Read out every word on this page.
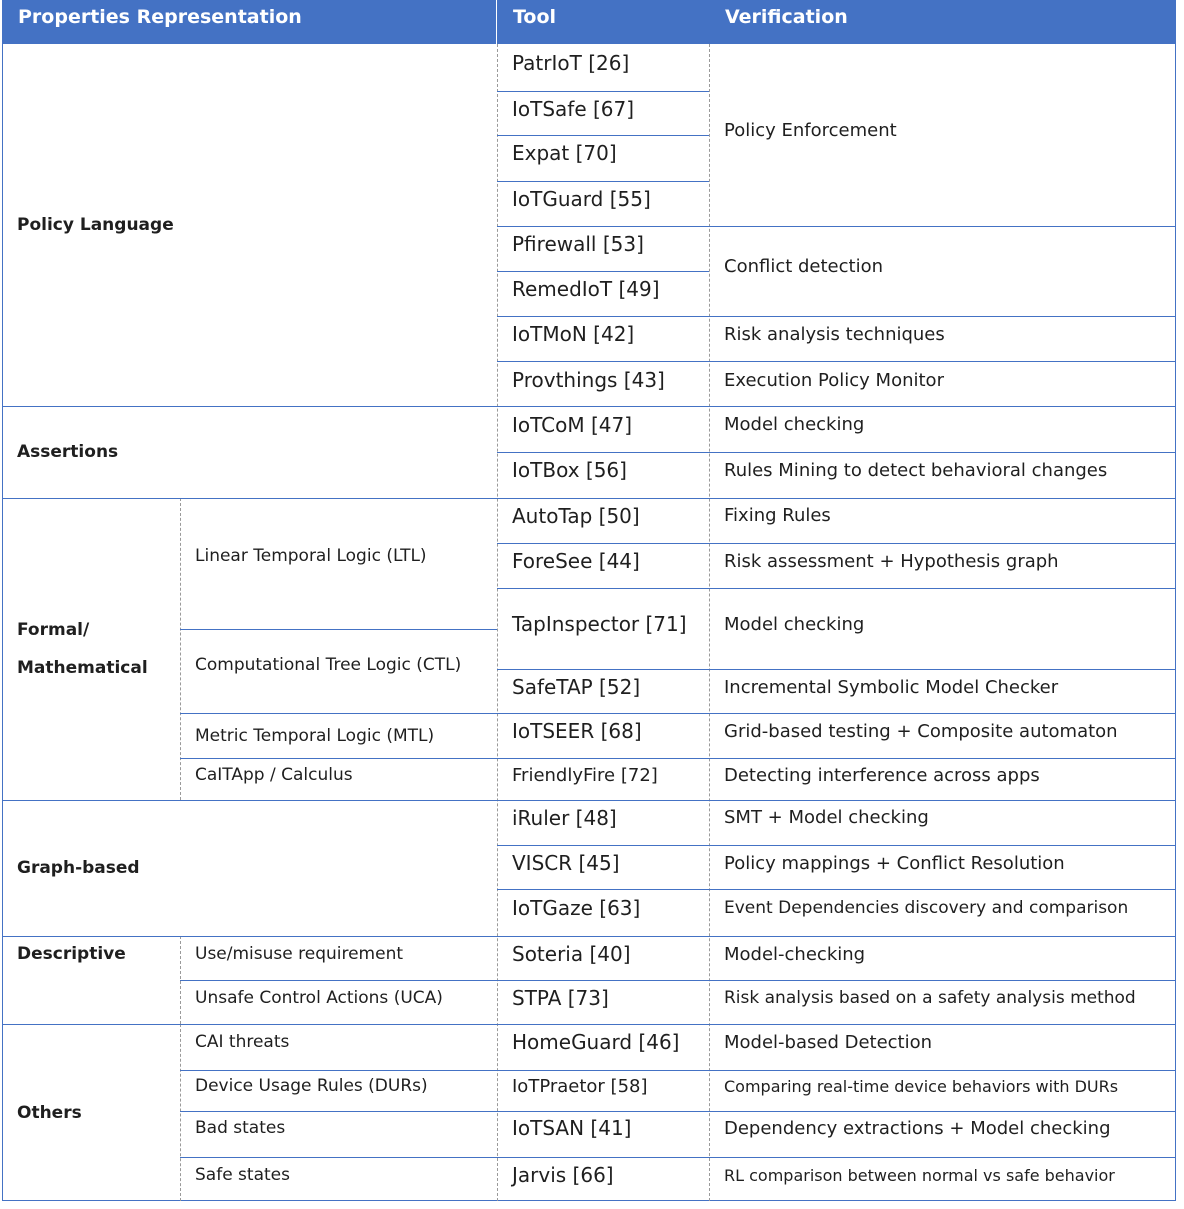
Properties Representation	Tool	Verification
Policy Language
Assertions
Formal/
Mathematical
Graph-based
Descriptive
Others
Linear Temporal Logic (LTL)
Computational Tree Logic (CTL)
Metric Temporal Logic (MTL)
CaITApp / Calculus
Use/misuse requirement
Unsafe Control Actions (UCA)
CAI threats
Device Usage Rules (DURs)
Bad states
Safe states
PatrIoT [26]
IoTSafe [67]
Expat [70]
IoTGuard [55]
Pfirewall [53]
RemedIoT [49]
IoTMoN [42]
Provthings [43]
IoTCoM [47]
IoTBox [56]
AutoTap [50]
ForeSee [44]
TapInspector [71]
SafeTAP [52]
IoTSEER [68]
FriendlyFire [72]
iRuler [48]
VISCR [45]
IoTGaze [63]
Soteria [40]
STPA [73]
HomeGuard [46]
IoTPraetor [58]
IoTSAN [41]
Jarvis [66]
Policy Enforcement
Conflict detection
Risk analysis techniques
Execution Policy Monitor
Model checking
Rules Mining to detect behavioral changes
Fixing Rules
Risk assessment + Hypothesis graph
Model checking
Incremental Symbolic Model Checker
Grid-based testing + Composite automaton
Detecting interference across apps
SMT + Model checking
Policy mappings + Conflict Resolution
Event Dependencies discovery and comparison
Model-checking
Risk analysis based on a safety analysis method
Model-based Detection
Comparing real-time device behaviors with DURs
Dependency extractions + Model checking
RL comparison between normal vs safe behavior
